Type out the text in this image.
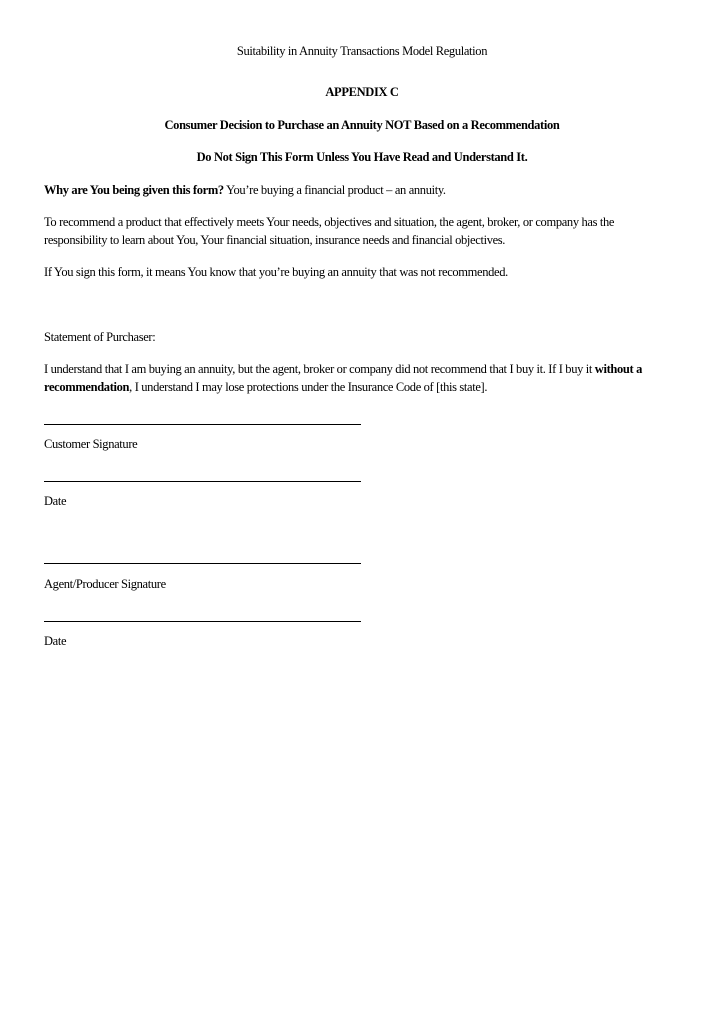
Suitability in Annuity Transactions Model Regulation
APPENDIX C
Consumer Decision to Purchase an Annuity NOT Based on a Recommendation
Do Not Sign This Form Unless You Have Read and Understand It.

Why are You being given this form? You’re buying a financial product – an annuity.

To recommend a product that effectively meets Your needs, objectives and situation, the agent, broker, or company has the responsibility to learn about You, Your financial situation, insurance needs and financial objectives.

If You sign this form, it means You know that you’re buying an annuity that was not recommended.

Statement of Purchaser:

I understand that I am buying an annuity, but the agent, broker or company did not recommend that I buy it. If I buy it without a recommendation, I understand I may lose protections under the Insurance Code of [this state].

Customer Signature
Date
Agent/Producer Signature
Date
